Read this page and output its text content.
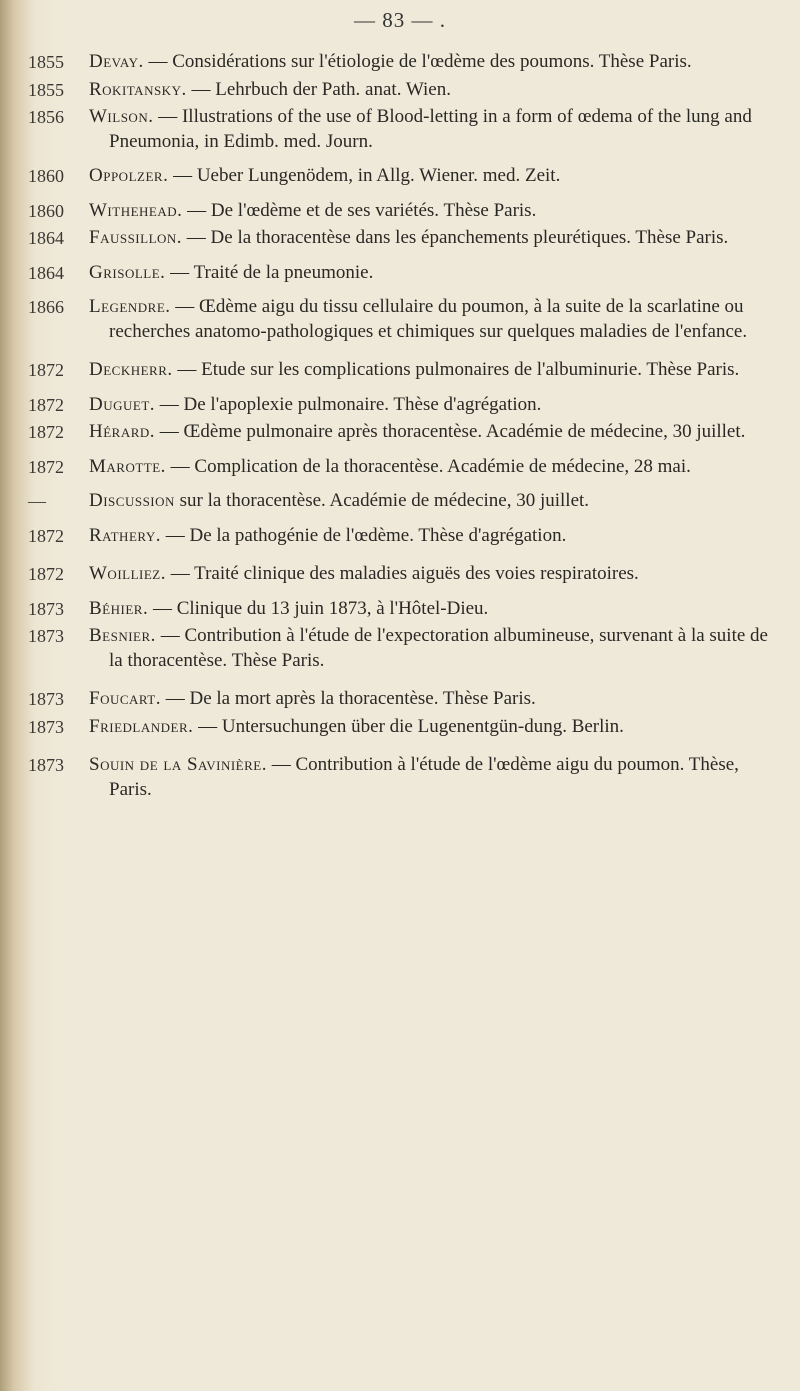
— 83 — .
1855	Devay. — Considérations sur l'étiologie de l'œdème des poumons. Thèse Paris.

1855	Rokitansky. — Lehrbuch der Path. anat. Wien.

1856	Wilson. — Illustrations of the use of Blood-letting in a form of œdema of the lung and Pneumonia, in Edimb. med. Journ.

1860	Oppolzer. — Ueber Lungenödem, in Allg. Wiener. med. Zeit.

1860	Withehead. — De l'œdème et de ses variétés. Thèse Paris.

1864	Faussillon. — De la thoracentèse dans les épanchements pleurétiques. Thèse Paris.

1864	Grisolle. — Traité de la pneumonie.

1866	Legendre. — Œdème aigu du tissu cellulaire du poumon, à la suite de la scarlatine ou recherches anatomo-pathologiques et chimiques sur quelques maladies de l'enfance.

1872	Deckherr. — Etude sur les complications pulmonaires de l'albuminurie. Thèse Paris.

1872	Duguet. — De l'apoplexie pulmonaire. Thèse d'agrégation.

1872	Hérard. — Œdème pulmonaire après thoracentèse. Académie de médecine, 30 juillet.

1872	Marotte. — Complication de la thoracentèse. Académie de médecine, 28 mai.

—	Discussion sur la thoracentèse. Académie de médecine, 30 juillet.

1872	Rathery. — De la pathogénie de l'œdème. Thèse d'agrégation.

1872	Woilliez. — Traité clinique des maladies aiguës des voies respiratoires.

1873	Béhier. — Clinique du 13 juin 1873, à l'Hôtel-Dieu.

1873	Besnier. — Contribution à l'étude de l'expectoration albumineuse, survenant à la suite de la thoracentèse. Thèse Paris.

1873	Foucart. — De la mort après la thoracentèse. Thèse Paris.

1873	Friedlander. — Untersuchungen über die Lugenentgün-dung. Berlin.

1873	Souin de la Savinière. — Contribution à l'étude de l'œdème aigu du poumon. Thèse, Paris.
